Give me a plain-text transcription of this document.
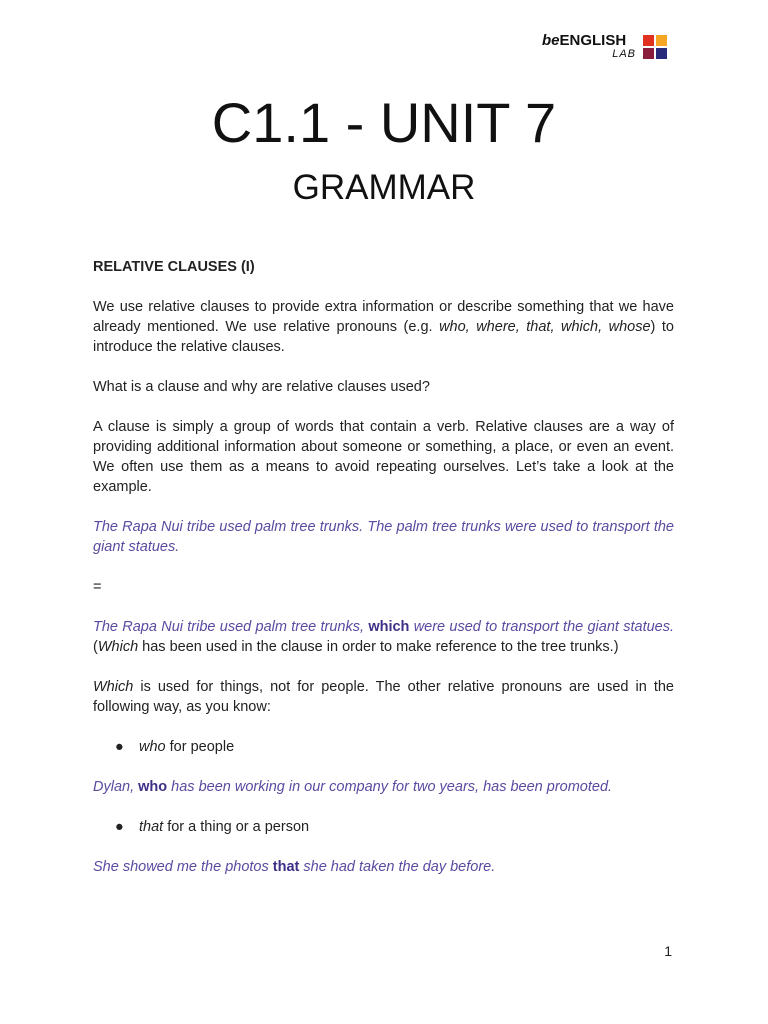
beENGLISH
LAB
C1.1 - UNIT 7
GRAMMAR

RELATIVE CLAUSES (I)

We use relative clauses to provide extra information or describe something that we have already mentioned. We use relative pronouns (e.g. who, where, that, which, whose) to introduce the relative clauses.

What is a clause and why are relative clauses used?

A clause is simply a group of words that contain a verb. Relative clauses are a way of providing additional information about someone or something, a place, or even an event. We often use them as a means to avoid repeating ourselves. Let’s take a look at the example.

The Rapa Nui tribe used palm tree trunks. The palm tree trunks were used to transport the giant statues.

=

The Rapa Nui tribe used palm tree trunks, which were used to transport the giant statues. (Which has been used in the clause in order to make reference to the tree trunks.)

Which is used for things, not for people. The other relative pronouns are used in the following way, as you know:

● who for people

Dylan, who has been working in our company for two years, has been promoted.

● that for a thing or a person

She showed me the photos that she had taken the day before.

1
